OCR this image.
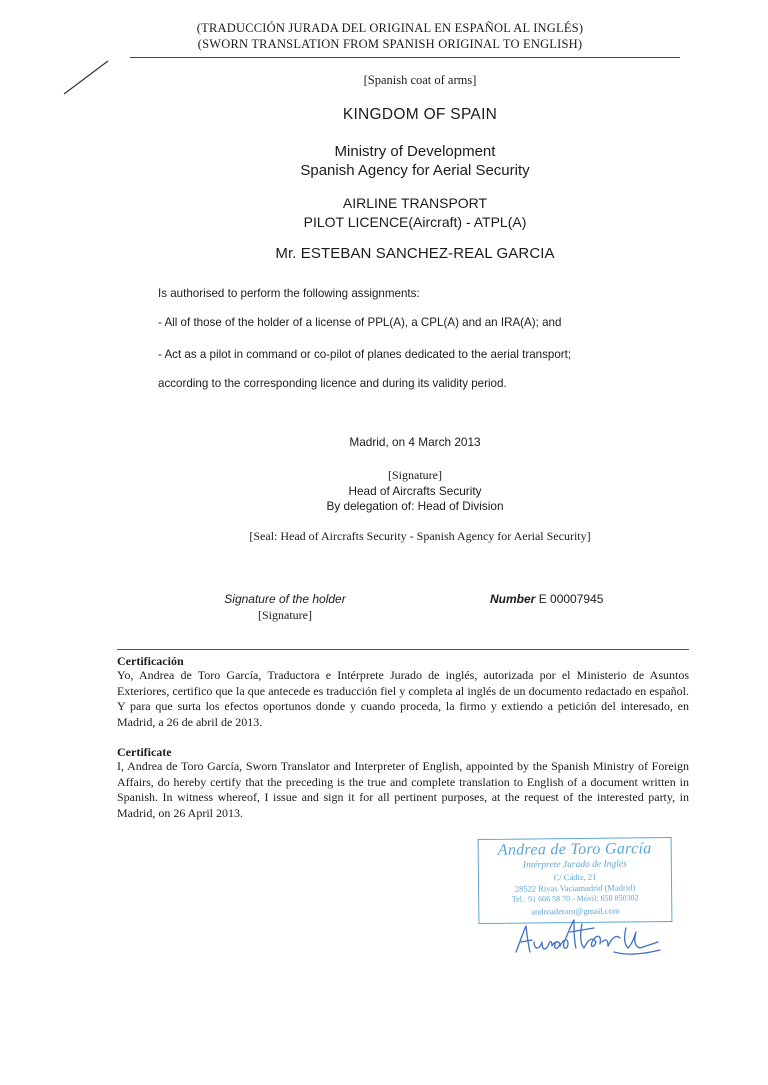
(TRADUCCIÓN JURADA DEL ORIGINAL EN ESPAÑOL AL INGLÉS)
(SWORN TRANSLATION FROM SPANISH ORIGINAL TO ENGLISH)
[Spanish coat of arms]
KINGDOM OF SPAIN
Ministry of Development
Spanish Agency for Aerial Security
AIRLINE TRANSPORT
PILOT LICENCE(Aircraft) - ATPL(A)
Mr. ESTEBAN SANCHEZ-REAL GARCIA
Is authorised to perform the following assignments:
- All of those of the holder of a license of PPL(A), a CPL(A) and an IRA(A); and
- Act as a pilot in command or co-pilot of planes dedicated to the aerial transport;
according to the corresponding licence and during its validity period.
Madrid, on 4 March 2013
[Signature]
Head of Aircrafts Security
By delegation of: Head of Division
[Seal: Head of Aircrafts Security - Spanish Agency for Aerial Security]
Signature of the holder
[Signature]
Number E 00007945
Certificación
Yo, Andrea de Toro García, Traductora e Intérprete Jurado de inglés, autorizada por el Ministerio de Asuntos Exteriores, certifico que la que antecede es traducción fiel y completa al inglés de un documento redactado en español. Y para que surta los efectos oportunos donde y cuando proceda, la firmo y extiendo a petición del interesado, en Madrid, a 26 de abril de 2013.
Certificate
I, Andrea de Toro García, Sworn Translator and Interpreter of English, appointed by the Spanish Ministry of Foreign Affairs, do hereby certify that the preceding is the true and complete translation to English of a document written in Spanish. In witness whereof, I issue and sign it for all pertinent purposes, at the request of the interested party, in Madrid, on 26 April 2013.
Andrea de Toro García
Intérprete Jurado de Inglés
C/ Cádiz, 21
28522 Rivas Vaciamadrid (Madrid)
Tel.: 91 666 58 70 - Móvil: 650 850302
andreadetoro@gmail.com
